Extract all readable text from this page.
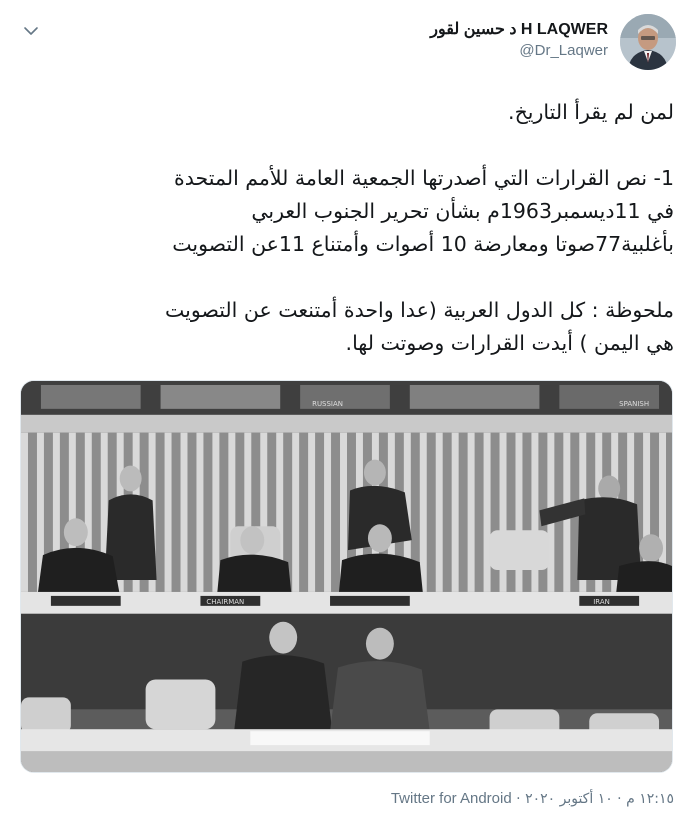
د حسين لقور H LAQWER
@Dr_Laqwer

لمن لم يقرأ التاريخ.

1- نص القرارات التي أصدرتها الجمعية العامة للأمم المتحدة

في 11ديسمبر1963م بشأن تحرير الجنوب العربي

بأغلبية77صوتا ومعارضة 10 أصوات وأمتناع 11عن التصويت

ملحوظة : كل الدول العربية (عدا واحدة أمتنعت عن التصويت

هي اليمن ) أيدت القرارات وصوتت لها.

RUSSIAN	SPANISH
CHAIRMAN	IRAN
١٢:١٥ م · ١٠ أكتوبر ٢٠٢٠ · Twitter for Android
